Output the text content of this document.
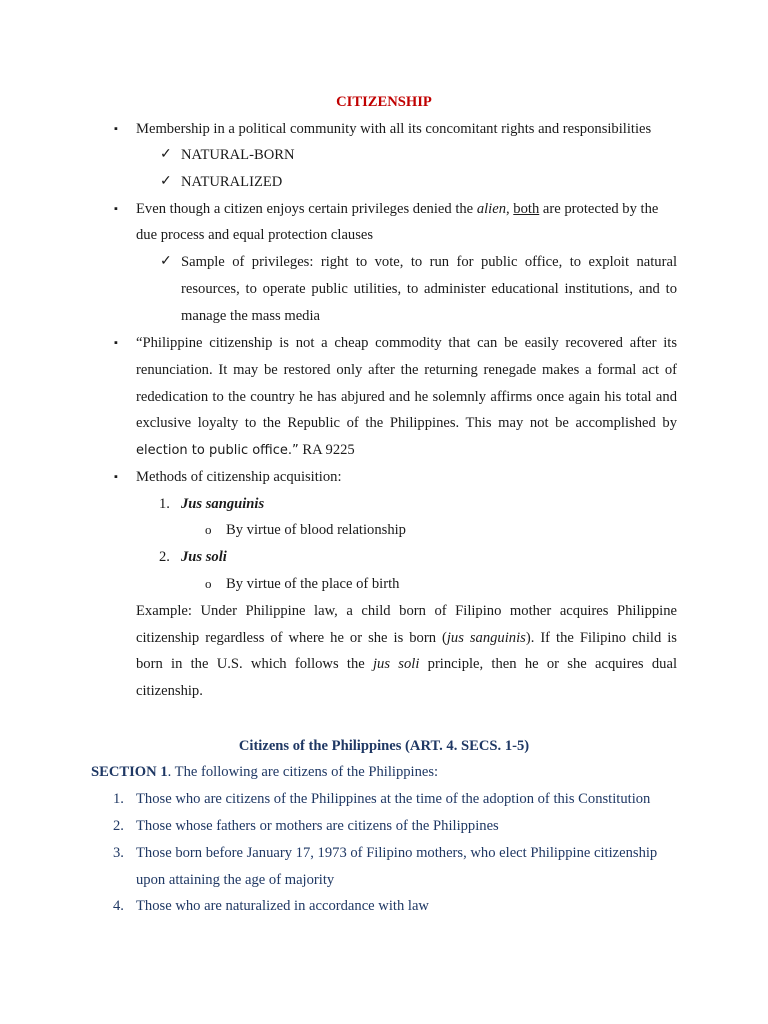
CITIZENSHIP
▪ Membership in a political community with all its concomitant rights and responsibilities
✓ NATURAL-BORN
✓ NATURALIZED
▪ Even though a citizen enjoys certain privileges denied the alien, both are protected by the
due process and equal protection clauses
✓ Sample of privileges: right to vote, to run for public office, to exploit natural
resources, to operate public utilities, to administer educational institutions, and to
manage the mass media
▪ “Philippine citizenship is not a cheap commodity that can be easily recovered after its
renunciation. It may be restored only after the returning renegade makes a formal act of
rededication to the country he has abjured and he solemnly affirms once again his total and
exclusive loyalty to the Republic of the Philippines. This may not be accomplished by
election to public office.” RA 9225
▪ Methods of citizenship acquisition:
1. Jus sanguinis
o By virtue of blood relationship
2. Jus soli
o By virtue of the place of birth
Example: Under Philippine law, a child born of Filipino mother acquires Philippine
citizenship regardless of where he or she is born (jus sanguinis). If the Filipino child is
born in the U.S. which follows the jus soli principle, then he or she acquires dual
citizenship.
Citizens of the Philippines (ART. 4. SECS. 1-5)
SECTION 1. The following are citizens of the Philippines:
1. Those who are citizens of the Philippines at the time of the adoption of this Constitution
2. Those whose fathers or mothers are citizens of the Philippines
3. Those born before January 17, 1973 of Filipino mothers, who elect Philippine citizenship
upon attaining the age of majority
4. Those who are naturalized in accordance with law
